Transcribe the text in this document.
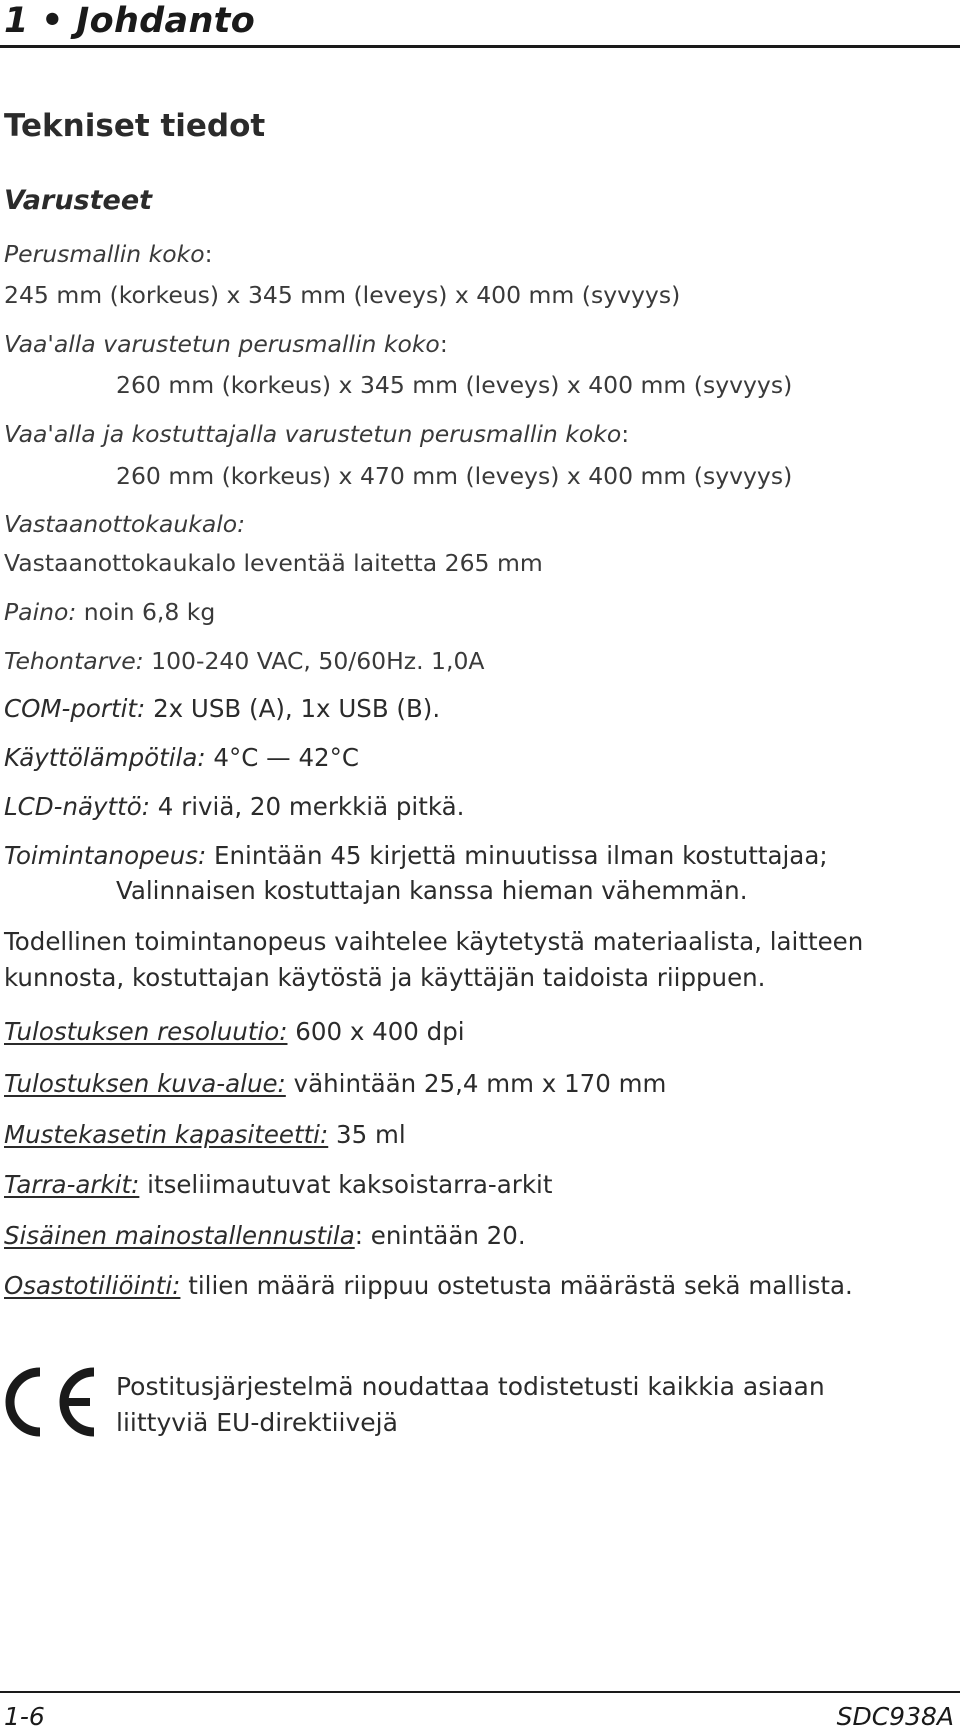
1 • Johdanto
Tekniset tiedot
Varusteet

Perusmallin koko:

245 mm (korkeus) x 345 mm (leveys) x 400 mm (syvyys)

Vaa'alla varustetun perusmallin koko:

260 mm (korkeus) x 345 mm (leveys) x 400 mm (syvyys)

Vaa'alla ja kostuttajalla varustetun perusmallin koko:

260 mm (korkeus) x 470 mm (leveys) x 400 mm (syvyys)

Vastaanottokaukalo:

Vastaanottokaukalo leventää laitetta 265 mm

Paino: noin 6,8 kg

Tehontarve: 100-240 VAC, 50/60Hz. 1,0A

COM-portit: 2x USB (A), 1x USB (B).

Käyttölämpötila: 4°C — 42°C

LCD-näyttö: 4 riviä, 20 merkkiä pitkä.

Toimintanopeus: Enintään 45 kirjettä minuutissa ilman kostuttajaa;

Valinnaisen kostuttajan kanssa hieman vähemmän.

Todellinen toimintanopeus vaihtelee käytetystä materiaalista, laitteen

kunnosta, kostuttajan käytöstä ja käyttäjän taidoista riippuen.

Tulostuksen resoluutio: 600 x 400 dpi

Tulostuksen kuva-alue: vähintään 25,4 mm x 170 mm

Mustekasetin kapasiteetti: 35 ml

Tarra-arkit: itseliimautuvat kaksoistarra-arkit

Sisäinen mainostallennustila: enintään 20.

Osastotiliöinti: tilien määrä riippuu ostetusta määrästä sekä mallista.

Postitusjärjestelmä noudattaa todistetusti kaikkia asiaan
liittyviä EU-direktiivejä

1-6	SDC938A
